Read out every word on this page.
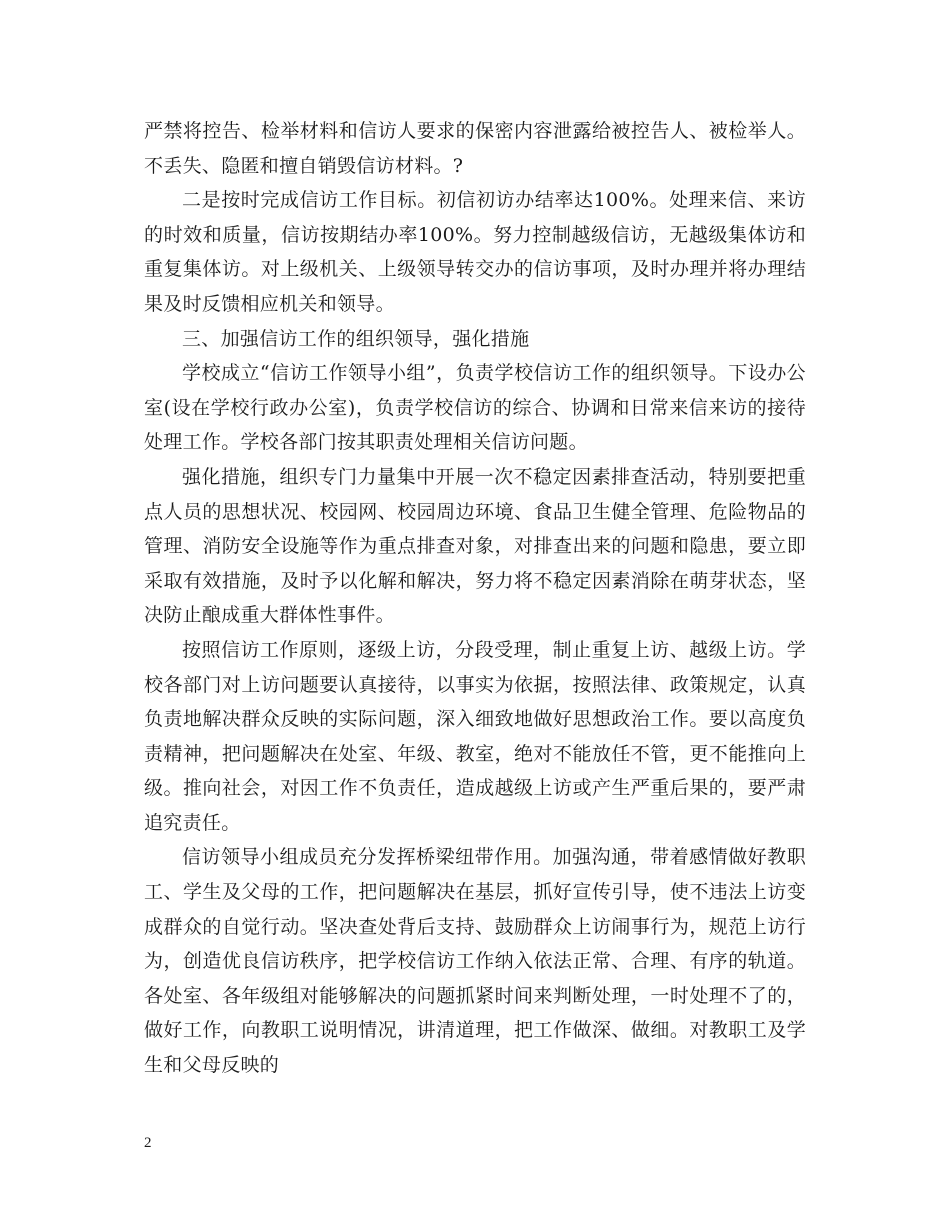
严禁将控告、检举材料和信访人要求的保密内容泄露给被控告人、被检举人。不丢失、隐匿和擅自销毁信访材料。?

二是按时完成信访工作目标。初信初访办结率达100%。处理来信、来访的时效和质量，信访按期结办率100%。努力控制越级信访，无越级集体访和重复集体访。对上级机关、上级领导转交办的信访事项，及时办理并将办理结果及时反馈相应机关和领导。

三、加强信访工作的组织领导，强化措施

学校成立“信访工作领导小组”，负责学校信访工作的组织领导。下设办公室(设在学校行政办公室)，负责学校信访的综合、协调和日常来信来访的接待处理工作。学校各部门按其职责处理相关信访问题。

强化措施，组织专门力量集中开展一次不稳定因素排查活动，特别要把重点人员的思想状况、校园网、校园周边环境、食品卫生健全管理、危险物品的管理、消防安全设施等作为重点排查对象，对排查出来的问题和隐患，要立即采取有效措施，及时予以化解和解决，努力将不稳定因素消除在萌芽状态，坚决防止酿成重大群体性事件。

按照信访工作原则，逐级上访，分段受理，制止重复上访、越级上访。学校各部门对上访问题要认真接待，以事实为依据，按照法律、政策规定，认真负责地解决群众反映的实际问题，深入细致地做好思想政治工作。要以高度负责精神，把问题解决在处室、年级、教室，绝对不能放任不管，更不能推向上级。推向社会，对因工作不负责任，造成越级上访或产生严重后果的，要严肃追究责任。

信访领导小组成员充分发挥桥梁纽带作用。加强沟通，带着感情做好教职工、学生及父母的工作，把问题解决在基层，抓好宣传引导，使不违法上访变成群众的自觉行动。坚决查处背后支持、鼓励群众上访闹事行为，规范上访行为，创造优良信访秩序，把学校信访工作纳入依法正常、合理、有序的轨道。 各处室、各年级组对能够解决的问题抓紧时间来判断处理，一时处理不了的，做好工作，向教职工说明情况，讲清道理，把工作做深、做细。对教职工及学生和父母反映的

2
